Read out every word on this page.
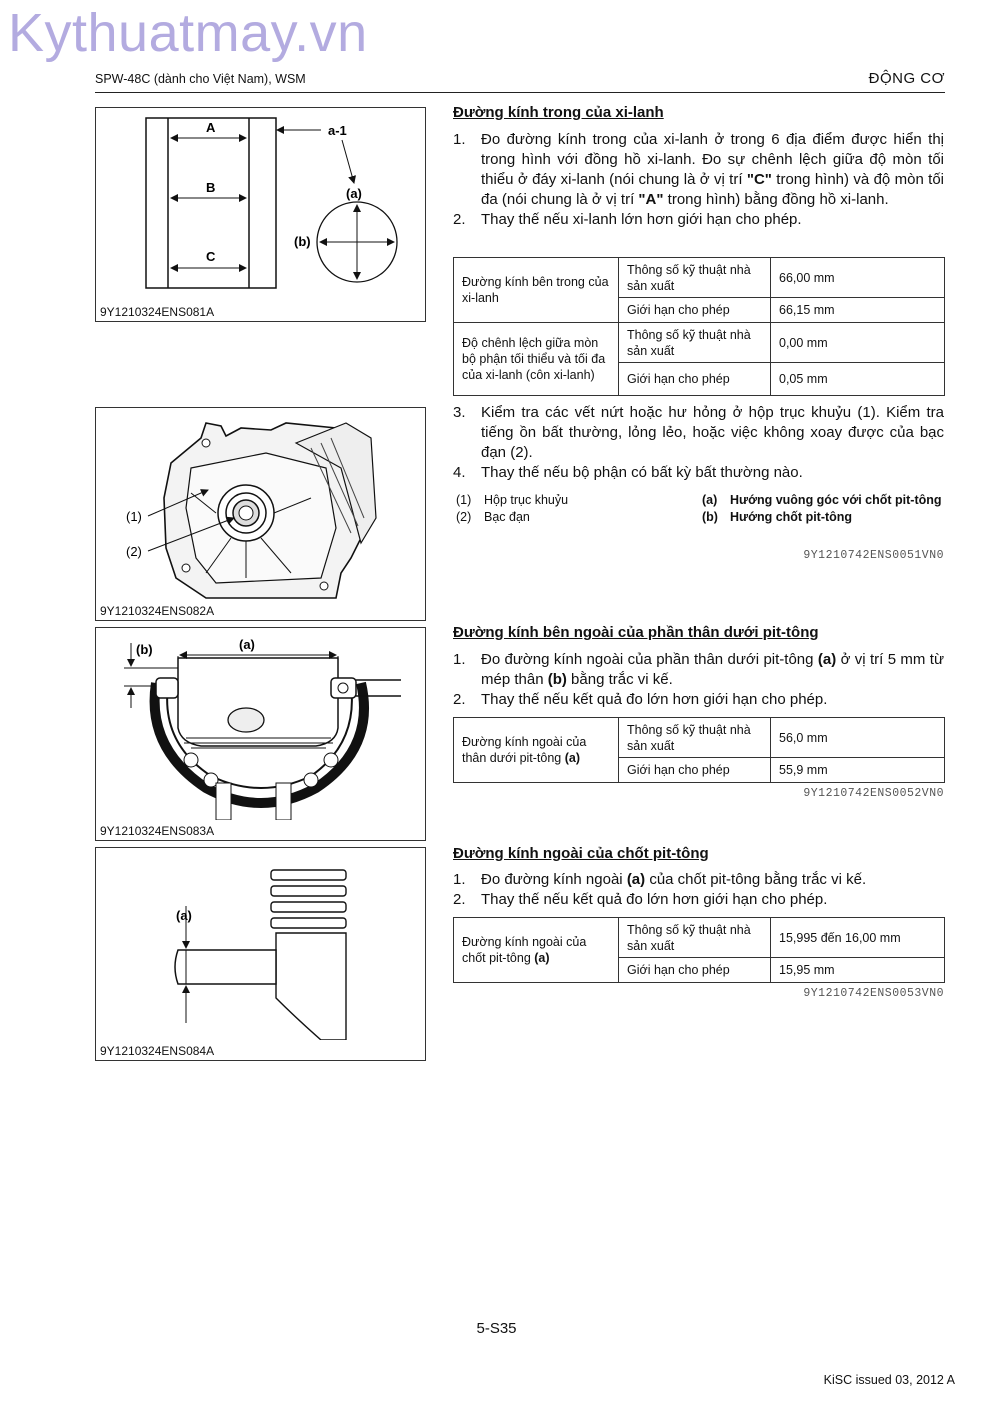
Kythuatmay.vn
SPW-48C (dành cho Việt Nam), WSM	ĐỘNG CƠ
A
B
C
a-1
(a)
(b)
9Y1210324ENS081A
(1)
(2)
9Y1210324ENS082A
(a)
(b)
9Y1210324ENS083A
(a)
9Y1210324ENS084A
Đường kính trong của xi-lanh
1. Đo đường kính trong của xi-lanh ở trong 6 địa điểm được hiển thị trong hình với đồng hồ xi-lanh. Đo sự chênh lệch giữa độ mòn tối thiểu ở đáy xi-lanh (nói chung là ở vị trí "C" trong hình) và độ mòn tối đa (nói chung là ở vị trí "A" trong hình) bằng đồng hồ xi-lanh.
2. Thay thế nếu xi-lanh lớn hơn giới hạn cho phép.
Đường kính bên trong của xi-lanh	Thông số kỹ thuật nhà sản xuất	66,00 mm
	Giới hạn cho phép	66,15 mm
Độ chênh lệch giữa mòn bộ phận tối thiểu và tối đa của xi-lanh (côn xi-lanh)	Thông số kỹ thuật nhà sản xuất	0,00 mm
	Giới hạn cho phép	0,05 mm
3. Kiểm tra các vết nứt hoặc hư hỏng ở hộp trục khuỷu (1). Kiểm tra tiếng ồn bất thường, lỏng lẻo, hoặc việc không xoay được của bạc đạn (2).
4. Thay thế nếu bộ phận có bất kỳ bất thường nào.
(1) Hộp trục khuỷu
(2) Bạc đạn
(a)	Hướng vuông góc với chốt pit-tông
(b) Hướng chốt pit-tông
9Y1210742ENS0051VN0
Đường kính bên ngoài của phần thân dưới pit-tông
1. Đo đường kính ngoài của phần thân dưới pit-tông (a) ở vị trí 5 mm từ mép thân (b) bằng trắc vi kế.
2. Thay thế nếu kết quả đo lớn hơn giới hạn cho phép.
Đường kính ngoài của thân dưới pit-tông (a)	Thông số kỹ thuật nhà sản xuất	56,0 mm
	Giới hạn cho phép	55,9 mm
9Y1210742ENS0052VN0
Đường kính ngoài của chốt pit-tông
1. Đo đường kính ngoài (a) của chốt pit-tông bằng trắc vi kế.
2. Thay thế nếu kết quả đo lớn hơn giới hạn cho phép.
Đường kính ngoài của chốt pit-tông (a)	Thông số kỹ thuật nhà sản xuất	15,995 đến 16,00 mm
	Giới hạn cho phép	15,95 mm
9Y1210742ENS0053VN0
5-S35
KiSC issued 03, 2012 A
